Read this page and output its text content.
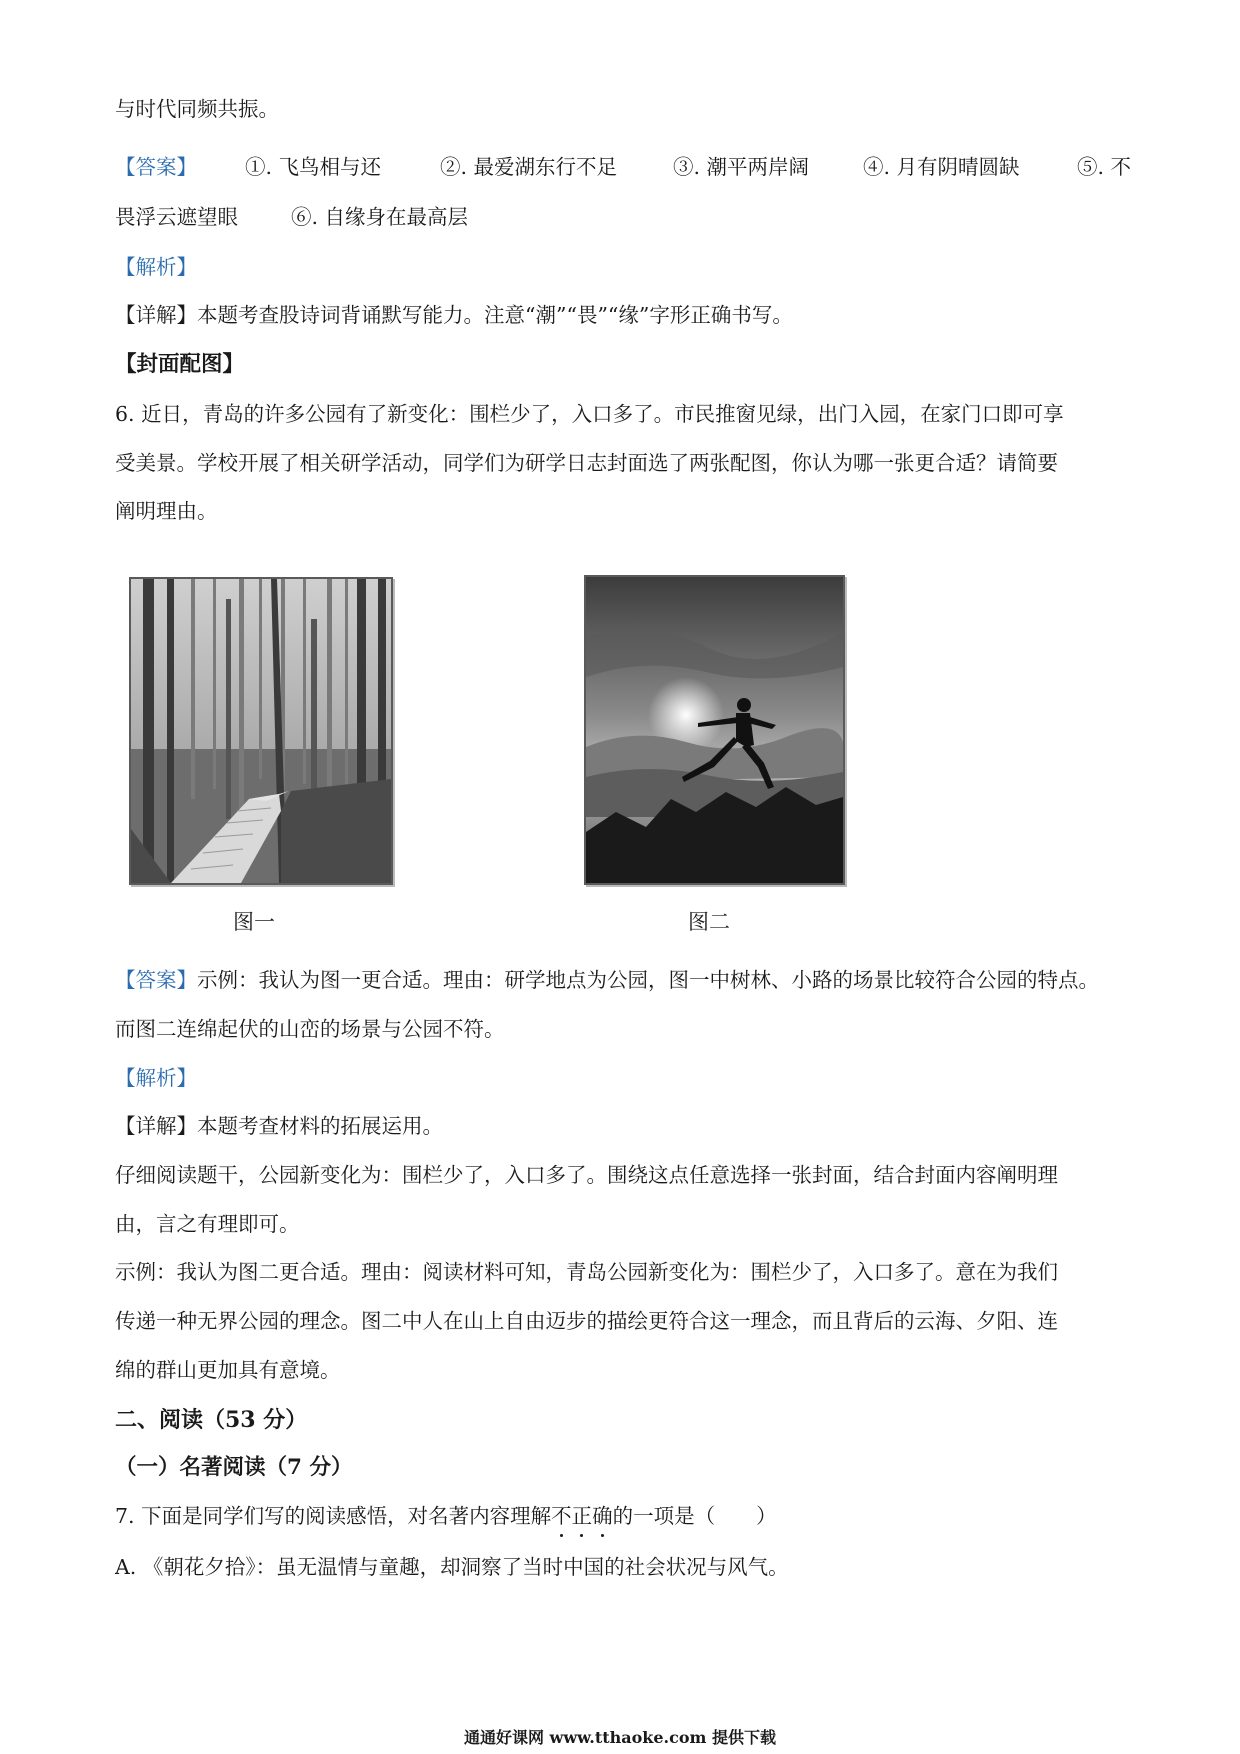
与时代同频共振。
【答案】 ①. 飞鸟相与还	②. 最爱湖东行不足	③. 潮平两岸阔	④. 月有阴晴圆缺	⑤. 不
畏浮云遮望眼	⑥. 自缘身在最高层
【解析】
【详解】本题考查股诗词背诵默写能力。注意“潮”“畏”“缘”字形正确书写。
【封面配图】
6. 近日，青岛的许多公园有了新变化：围栏少了，入口多了。市民推窗见绿，出门入园，在家门口即可享
受美景。学校开展了相关研学活动，同学们为研学日志封面选了两张配图，你认为哪一张更合适？请简要
阐明理由。
图一	图二
【答案】示例：我认为图一更合适。理由：研学地点为公园，图一中树林、小路的场景比较符合公园的特点。
而图二连绵起伏的山峦的场景与公园不符。
【解析】
【详解】本题考查材料的拓展运用。
仔细阅读题干，公园新变化为：围栏少了，入口多了。围绕这点任意选择一张封面，结合封面内容阐明理
由，言之有理即可。
示例：我认为图二更合适。理由：阅读材料可知，青岛公园新变化为：围栏少了，入口多了。意在为我们
传递一种无界公园的理念。图二中人在山上自由迈步的描绘更符合这一理念，而且背后的云海、夕阳、连
绵的群山更加具有意境。
二、阅读（53 分）
（一）名著阅读（7 分）
7. 下面是同学们写的阅读感悟，对名著内容理解不正确的一项是（　　）
A. 《朝花夕拾》：虽无温情与童趣，却洞察了当时中国的社会状况与风气。
通通好课网 www.tthaoke.com 提供下载
